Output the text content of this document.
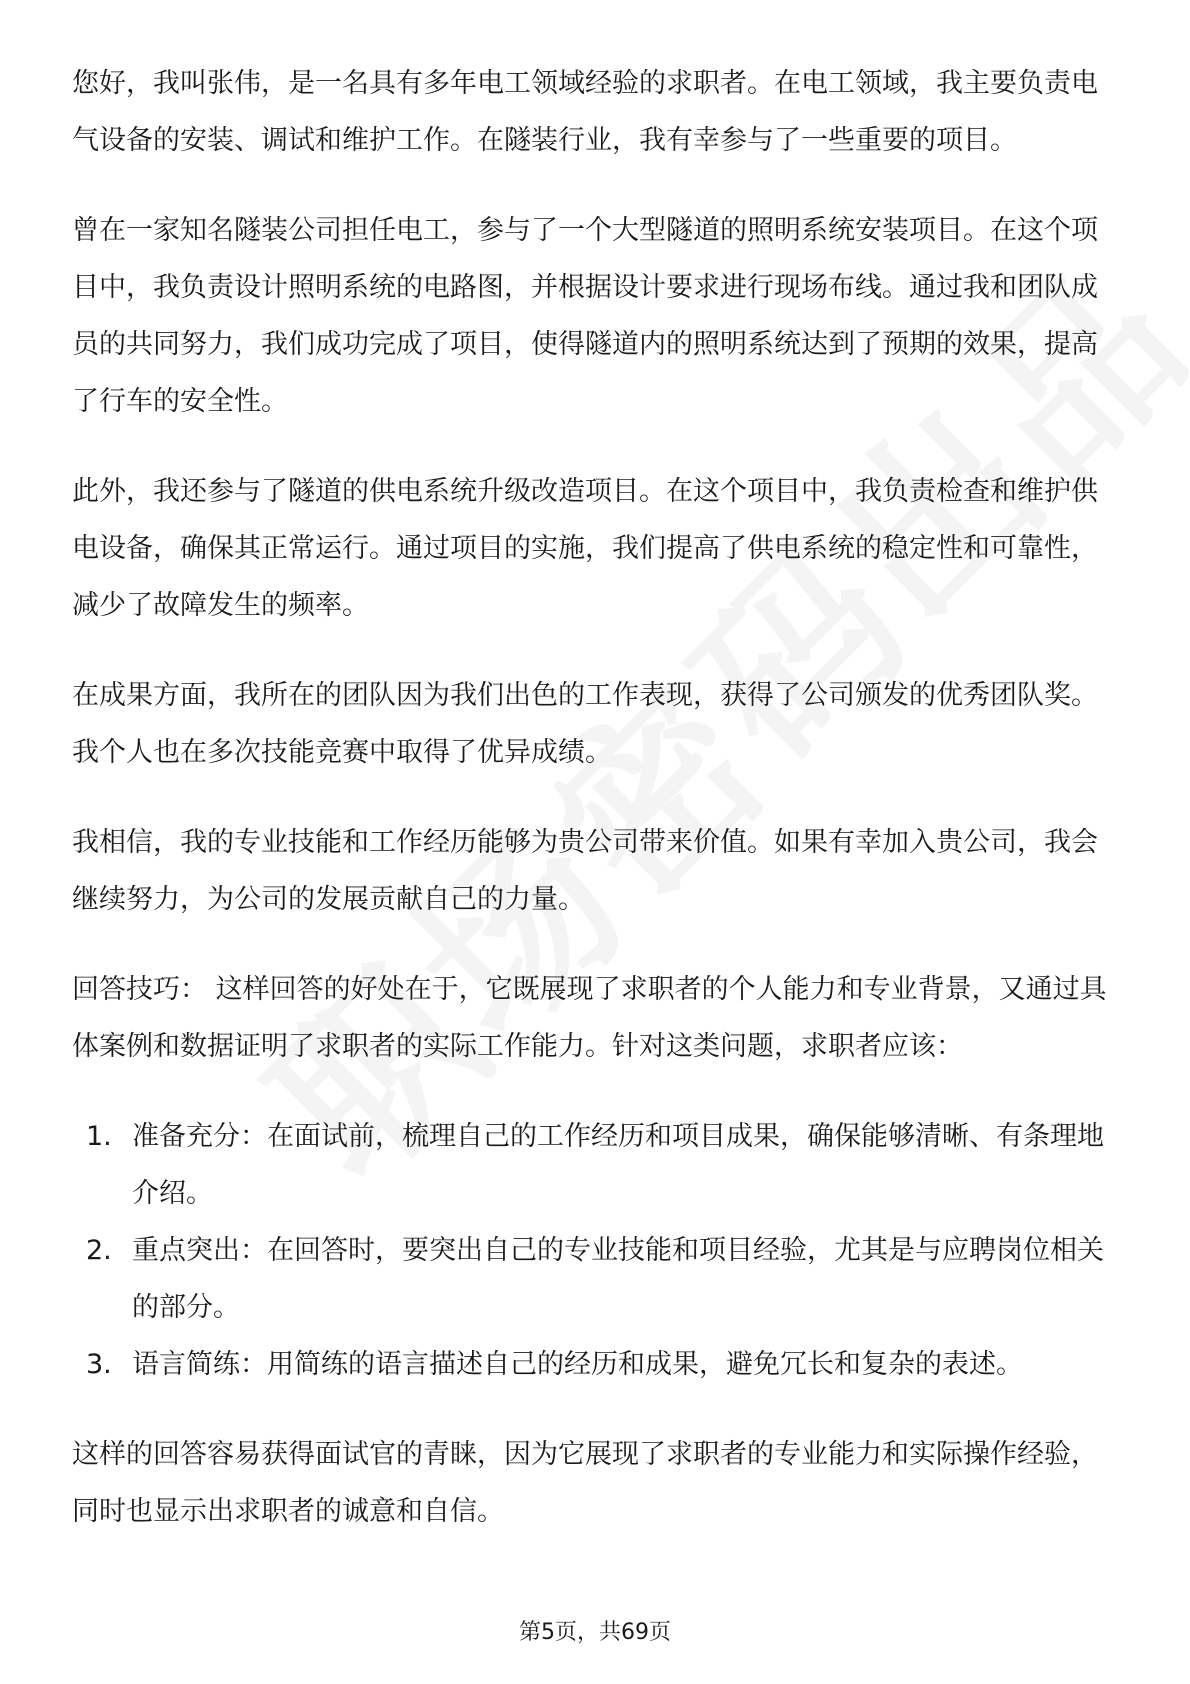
您好，我叫张伟，是一名具有多年电工领域经验的求职者。在电工领域，我主要负责电气设备的安装、调试和维护工作。在隧装行业，我有幸参与了一些重要的项目。

曾在一家知名隧装公司担任电工，参与了一个大型隧道的照明系统安装项目。在这个项目中，我负责设计照明系统的电路图，并根据设计要求进行现场布线。通过我和团队成员的共同努力，我们成功完成了项目，使得隧道内的照明系统达到了预期的效果，提高了行车的安全性。

此外，我还参与了隧道的供电系统升级改造项目。在这个项目中，我负责检查和维护供电设备，确保其正常运行。通过项目的实施，我们提高了供电系统的稳定性和可靠性，减少了故障发生的频率。

在成果方面，我所在的团队因为我们出色的工作表现，获得了公司颁发的优秀团队奖。我个人也在多次技能竞赛中取得了优异成绩。

我相信，我的专业技能和工作经历能够为贵公司带来价值。如果有幸加入贵公司，我会继续努力，为公司的发展贡献自己的力量。

回答技巧： 这样回答的好处在于，它既展现了求职者的个人能力和专业背景，又通过具体案例和数据证明了求职者的实际工作能力。针对这类问题，求职者应该：

1. 准备充分：在面试前，梳理自己的工作经历和项目成果，确保能够清晰、有条理地介绍。
2. 重点突出：在回答时，要突出自己的专业技能和项目经验，尤其是与应聘岗位相关的部分。
3. 语言简练：用简练的语言描述自己的经历和成果，避免冗长和复杂的表述。

这样的回答容易获得面试官的青睐，因为它展现了求职者的专业能力和实际操作经验，同时也显示出求职者的诚意和自信。

第5页，共69页
